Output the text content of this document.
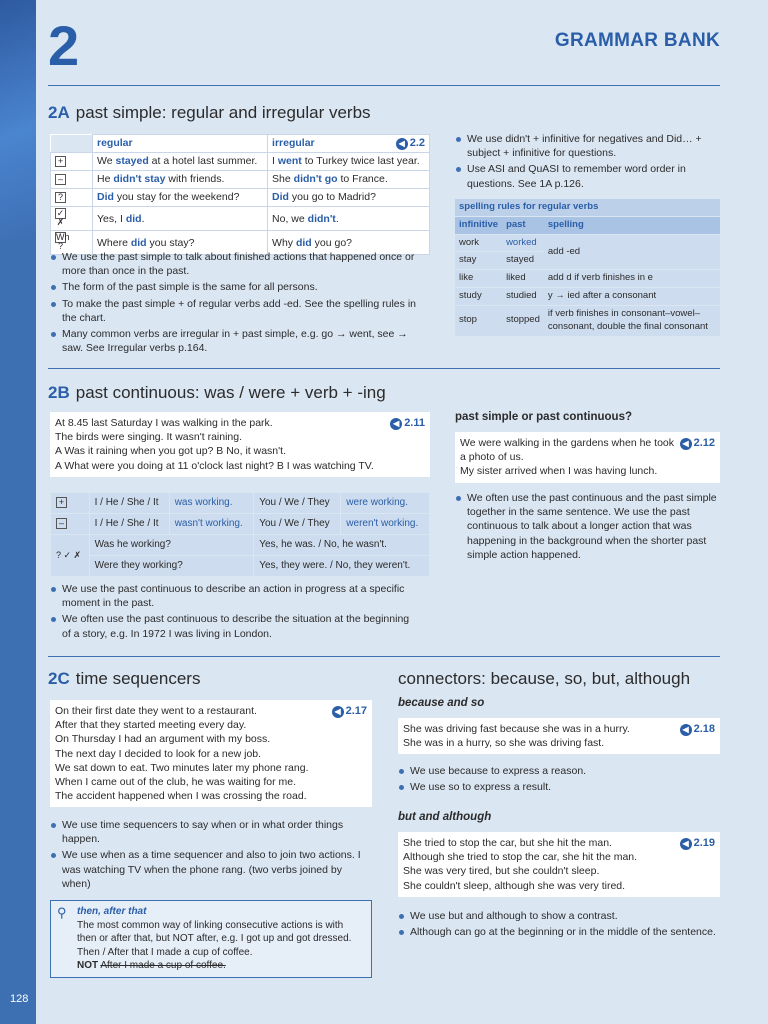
128
2	GRAMMAR BANK
2A past simple: regular and irregular verbs
	regular	irregular ◀ 2.2

+	We stayed at a hotel last summer.	I went to Turkey twice last year.
–	He didn't stay with friends.	She didn't go to France.
?	Did you stay for the weekend?	Did you go to Madrid?
✓ ✗	Yes, I did.	No, we didn't.
Wh ?	Where did you stay?	Why did you go?
We use the past simple to talk about finished actions that happened once or more than once in the past.
The form of the past simple is the same for all persons.
To make the past simple + of regular verbs add -ed. See the spelling rules in the chart.
Many common verbs are irregular in + past simple, e.g. go → went, see → saw. See Irregular verbs p.164.
We use didn't + infinitive for negatives and Did… + subject + infinitive for questions.
Use ASI and QuASI to remember word order in questions. See 1A p.126.
spelling rules for regular verbs		
infinitive	past	spelling
work	worked	add -ed
stay	stayed	
like	liked	add d if verb finishes in e
study	studied	y → ied after a consonant
stop	stopped	if verb finishes in consonant–vowel–consonant, double the final consonant
2B past continuous: was / were + verb + -ing
◀ 2.11
At 8.45 last Saturday I was walking in the park.
The birds were singing. It wasn't raining.
A Was it raining when you got up? B No, it wasn't.
A What were you doing at 11 o'clock last night? B I was watching TV.
+	I / He / She / It	was working.	You / We / They	were working.
–	I / He / She / It	wasn't working.	You / We / They	weren't working.
? ✓ ✗	Was he working?		Yes, he was. / No, he wasn't.	
	Were they working?		Yes, they were. / No, they weren't.	
We use the past continuous to describe an action in progress at a specific moment in the past.
We often use the past continuous to describe the situation at the beginning of a story, e.g. In 1972 I was living in London.
past simple or past continuous?
◀ 2.12
We were walking in the gardens when he took a photo of us.
My sister arrived when I was having lunch.
We often use the past continuous and the past simple together in the same sentence. We use the past continuous to talk about a longer action that was happening in the background when the shorter past simple action happened.
2C time sequencers
◀ 2.17
On their first date they went to a restaurant.
After that they started meeting every day.
On Thursday I had an argument with my boss.
The next day I decided to look for a new job.
We sat down to eat. Two minutes later my phone rang.
When I came out of the club, he was waiting for me.
The accident happened when I was crossing the road.
We use time sequencers to say when or in what order things happen.
We use when as a time sequencer and also to join two actions. I was watching TV when the phone rang. (two verbs joined by when)
⚲ then, after that
The most common way of linking consecutive actions is with then or after that, but NOT after, e.g. I got up and got dressed. Then / After that I made a cup of coffee.
NOT After I made a cup of coffee.
connectors: because, so, but, although
because and so
◀ 2.18
She was driving fast because she was in a hurry.
She was in a hurry, so she was driving fast.
We use because to express a reason.
We use so to express a result.
but and although
◀ 2.19
She tried to stop the car, but she hit the man.
Although she tried to stop the car, she hit the man.
She was very tired, but she couldn't sleep.
She couldn't sleep, although she was very tired.
We use but and although to show a contrast.
Although can go at the beginning or in the middle of the sentence.
